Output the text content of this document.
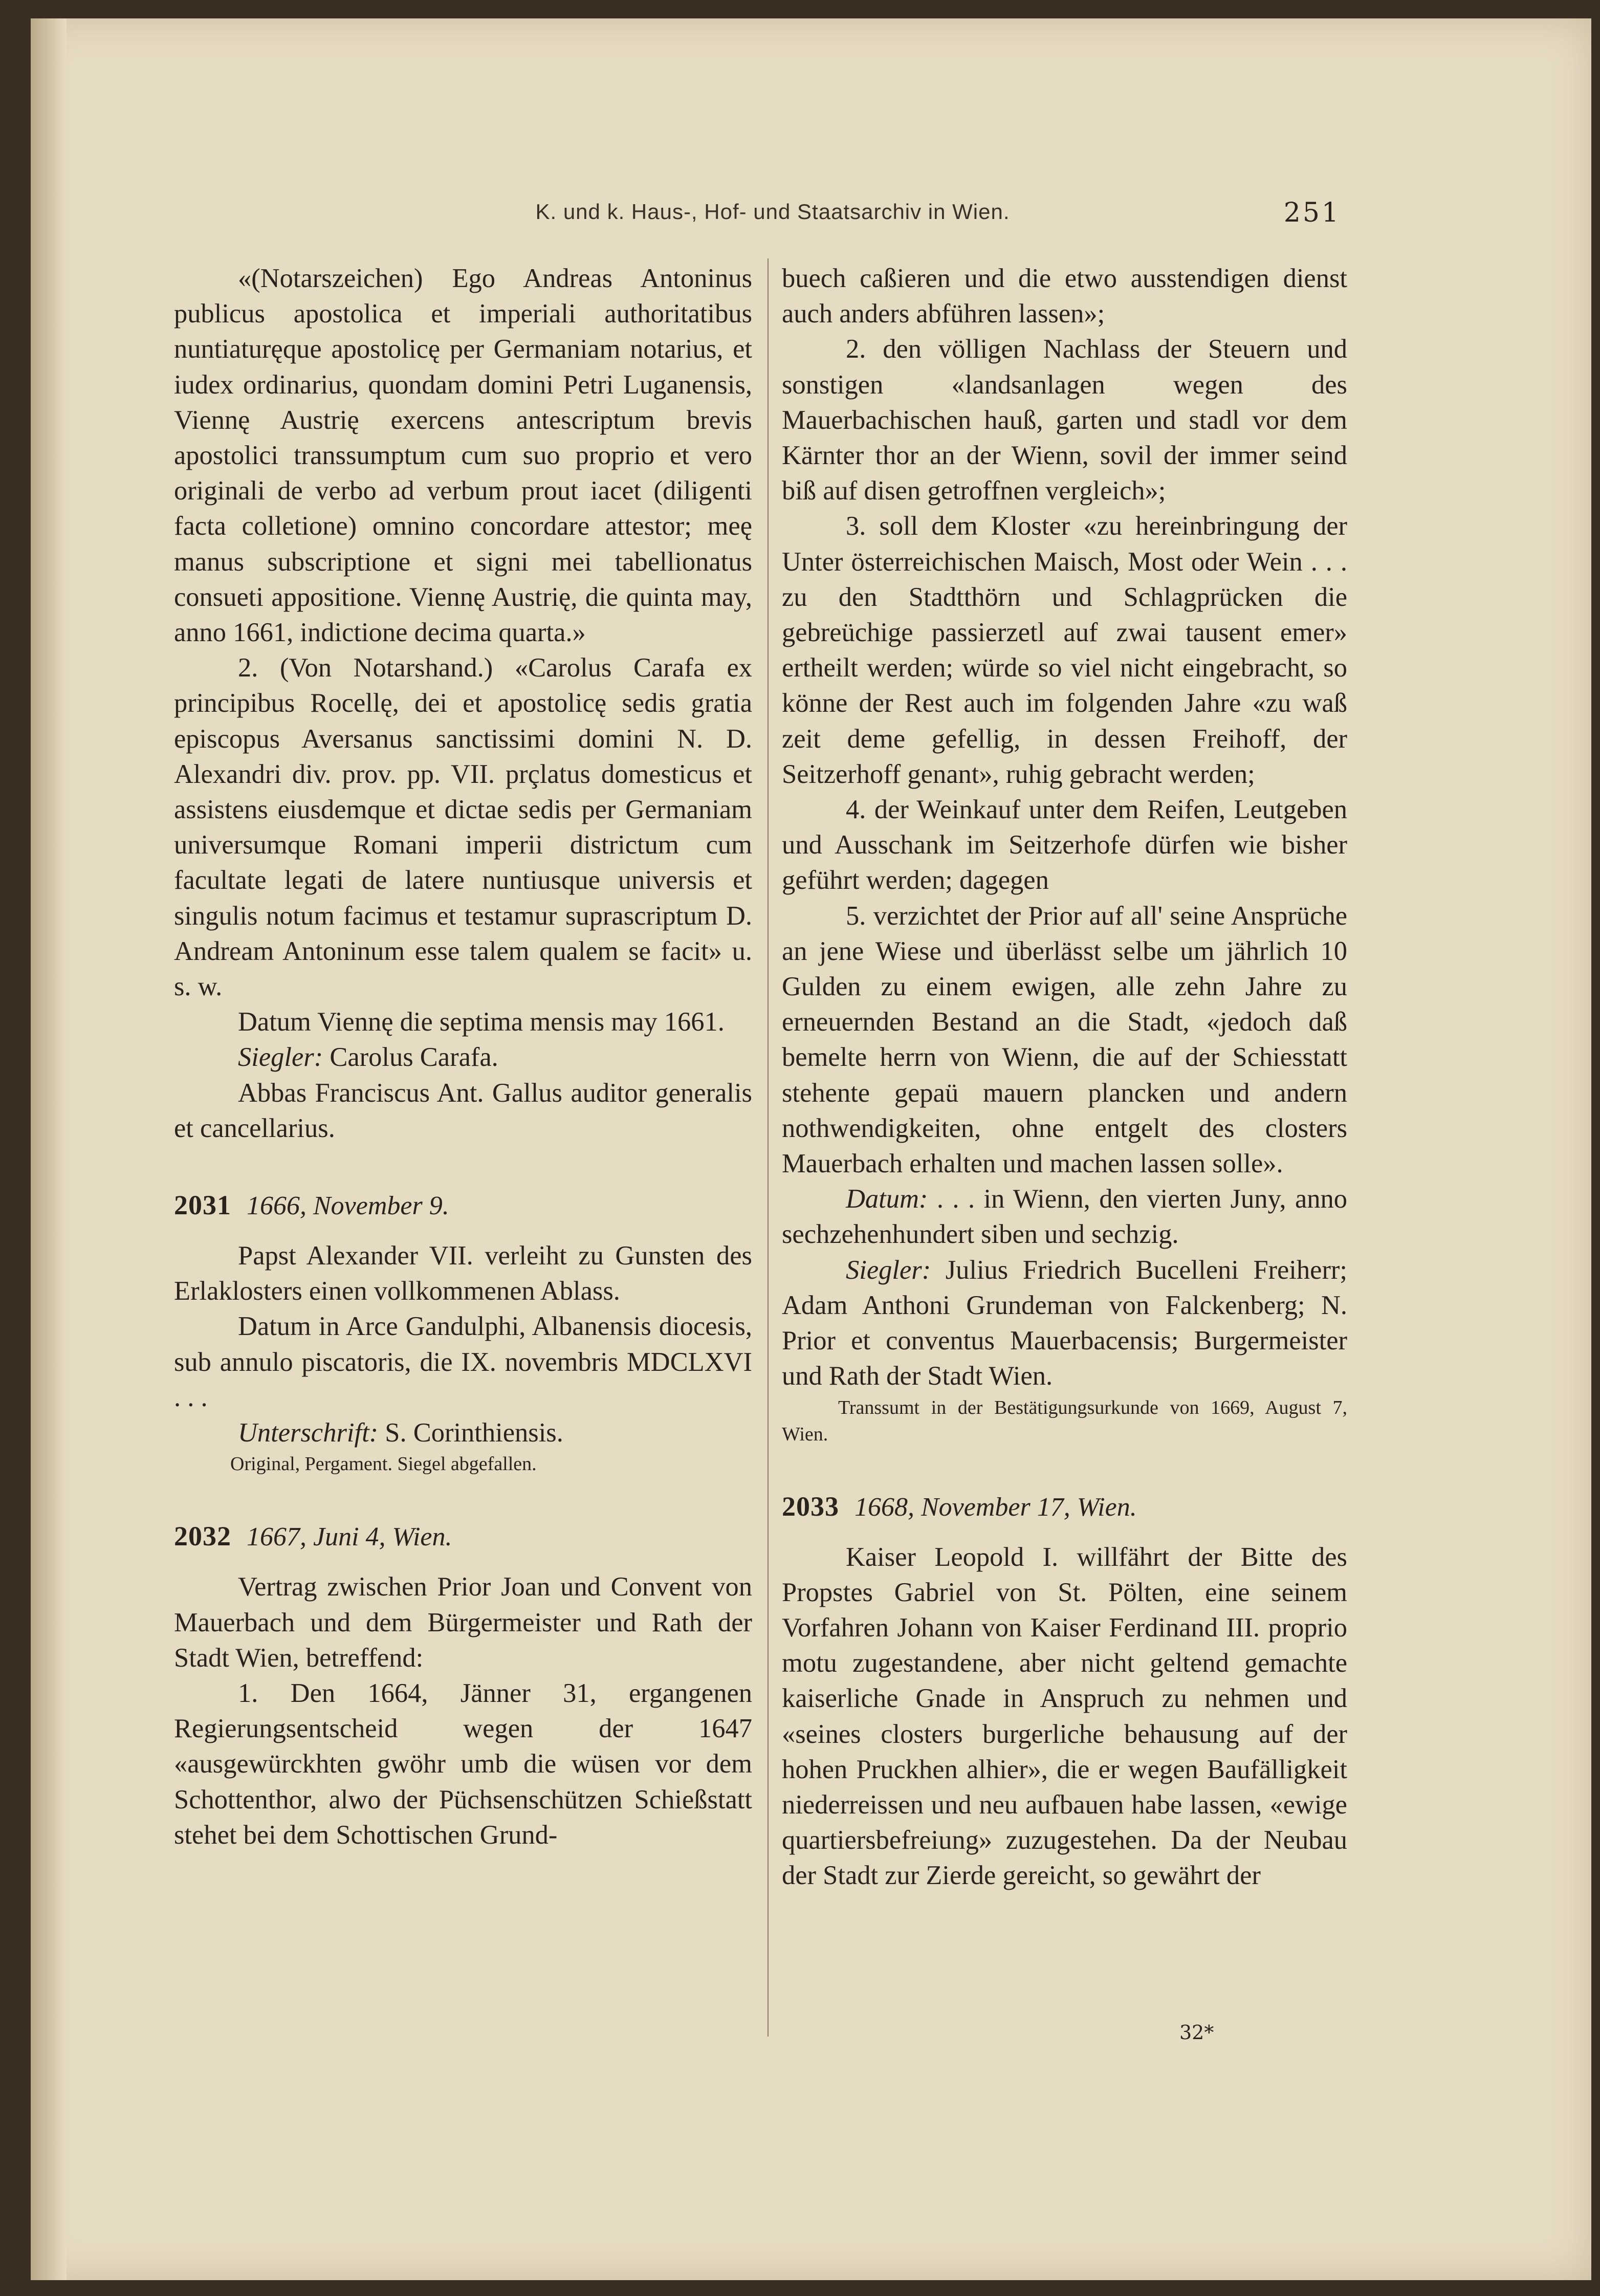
K. und k. Haus-, Hof- und Staatsarchiv in Wien.	251

«(Notarszeichen) Ego Andreas Antoninus publicus apostolica et imperiali authoritatibus nuntiaturęque apostolicę per Germaniam notarius, et iudex ordinarius, quondam domini Petri Luganensis, Viennę Austrię exercens antescriptum brevis apostolici transsumptum cum suo proprio et vero originali de verbo ad verbum prout iacet (diligenti facta colletione) omnino concordare attestor; meę manus subscriptione et signi mei tabellionatus consueti appositione. Viennę Austrię, die quinta may, anno 1661, indictione decima quarta.»

2. (Von Notarshand.) «Carolus Carafa ex principibus Rocellę, dei et apostolicę sedis gratia episcopus Aversanus sanctissimi domini N. D. Alexandri div. prov. pp. VII. prçlatus domesticus et assistens eiusdemque et dictae sedis per Germaniam universumque Romani imperii districtum cum facultate legati de latere nuntiusque universis et singulis notum facimus et testamur suprascriptum D. Andream Antoninum esse talem qualem se facit» u. s. w.

Datum Viennę die septima mensis may 1661.

Siegler: Carolus Carafa.

Abbas Franciscus Ant. Gallus auditor generalis et cancellarius.

2031 1666, November 9.

Papst Alexander VII. verleiht zu Gunsten des Erlaklosters einen vollkommenen Ablass.

Datum in Arce Gandulphi, Albanensis diocesis, sub annulo piscatoris, die IX. novembris MDCLXVI . . .

Unterschrift: S. Corinthiensis.

Original, Pergament. Siegel abgefallen.

2032 1667, Juni 4, Wien.

Vertrag zwischen Prior Joan und Convent von Mauerbach und dem Bürgermeister und Rath der Stadt Wien, betreffend:

1. Den 1664, Jänner 31, ergangenen Regierungsentscheid wegen der 1647 «ausgewürckhten gwöhr umb die wüsen vor dem Schottenthor, alwo der Püchsenschützen Schießstatt stehet bei dem Schottischen Grund-

buech caßieren und die etwo ausstendigen dienst auch anders abführen lassen»;

2. den völligen Nachlass der Steuern und sonstigen «landsanlagen wegen des Mauerbachischen hauß, garten und stadl vor dem Kärnter thor an der Wienn, sovil der immer seind biß auf disen getroffnen vergleich»;

3. soll dem Kloster «zu hereinbringung der Unter österreichischen Maisch, Most oder Wein . . . zu den Stadtthörn und Schlagprücken die gebreüchige passierzetl auf zwai tausent emer» ertheilt werden; würde so viel nicht eingebracht, so könne der Rest auch im folgenden Jahre «zu waß zeit deme gefellig, in dessen Freihoff, der Seitzerhoff genant», ruhig gebracht werden;

4. der Weinkauf unter dem Reifen, Leutgeben und Ausschank im Seitzerhofe dürfen wie bisher geführt werden; dagegen

5. verzichtet der Prior auf all' seine Ansprüche an jene Wiese und überlässt selbe um jährlich 10 Gulden zu einem ewigen, alle zehn Jahre zu erneuernden Bestand an die Stadt, «jedoch daß bemelte herrn von Wienn, die auf der Schiesstatt stehente gepaü mauern plancken und andern nothwendigkeiten, ohne entgelt des closters Mauerbach erhalten und machen lassen solle».

Datum: . . . in Wienn, den vierten Juny, anno sechzehenhundert siben und sechzig.

Siegler: Julius Friedrich Bucelleni Freiherr; Adam Anthoni Grundeman von Falckenberg; N. Prior et conventus Mauerbacensis; Burgermeister und Rath der Stadt Wien.

Transsumt in der Bestätigungsurkunde von 1669, August 7, Wien.

2033 1668, November 17, Wien.

Kaiser Leopold I. willfährt der Bitte des Propstes Gabriel von St. Pölten, eine seinem Vorfahren Johann von Kaiser Ferdinand III. proprio motu zugestandene, aber nicht geltend gemachte kaiserliche Gnade in Anspruch zu nehmen und «seines closters burgerliche behausung auf der hohen Pruckhen alhier», die er wegen Baufälligkeit niederreissen und neu aufbauen habe lassen, «ewige quartiersbefreiung» zuzugestehen. Da der Neubau der Stadt zur Zierde gereicht, so gewährt der

32*
